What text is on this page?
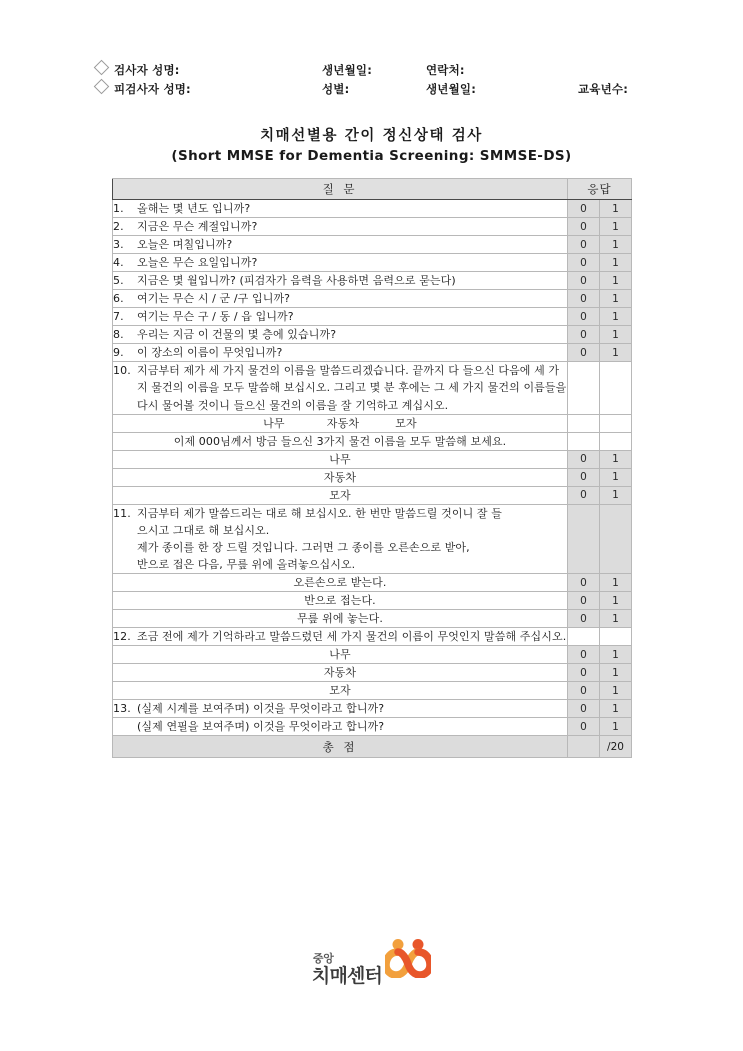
검사자 성명:	생년월일:	연락처:
피검사자 성명:	성별:	생년월일:	교육년수:
치매선별용 간이 정신상태 검사
(Short MMSE for Dementia Screening: SMMSE-DS)
질 문	응답	

1. 올해는 몇 년도 입니까?	0	1

2. 지금은 무슨 계절입니까?	0	1

3. 오늘은 며칠입니까?	0	1

4. 오늘은 무슨 요일입니까?	0	1

5. 지금은 몇 월입니까? (피검자가 음력을 사용하면 음력으로 묻는다)	0	1

6. 여기는 무슨 시 / 군 /구 입니까?	0	1

7. 여기는 무슨 구 / 동 / 읍 입니까?	0	1

8. 우리는 지금 이 건물의 몇 층에 있습니까?	0	1

9. 이 장소의 이름이 무엇입니까?	0	1

10. 지금부터 제가 세 가지 물건의 이름을 말씀드리겠습니다. 끝까지 다 들으신 다음에 세 가지 물건의 이름을 모두 말씀해 보십시오. 그리고 몇 분 후에는 그 세 가지 물건의 이름들을 다시 물어볼 것이니 들으신 물건의 이름을 잘 기억하고 계십시오.		

나무 자동차 모자		
이제 000님께서 방금 들으신 3가지 물건 이름을 모두 말씀해 보세요.		
나무	0	1
자동차	0	1
모자	0	1

11. 지금부터 제가 말씀드리는 대로 해 보십시오. 한 번만 말씀드릴 것이니 잘 들
으시고 그대로 해 보십시오.
제가 종이를 한 장 드릴 것입니다. 그러면 그 종이를 오른손으로 받아,
반으로 접은 다음, 무릎 위에 올려놓으십시오.		

오른손으로 받는다.	0	1
반으로 접는다.	0	1
무릎 위에 놓는다.	0	1

12. 조금 전에 제가 기억하라고 말씀드렸던 세 가지 물건의 이름이 무엇인지 말씀해 주십시오.		

나무	0	1
자동차	0	1
모자	0	1

13. (실제 시계를 보여주며) 이것을 무엇이라고 합니까?	0	1

(실제 연필을 보여주며) 이것을 무엇이라고 합니까?	0	1
총 점		/20
중앙
치매센터
